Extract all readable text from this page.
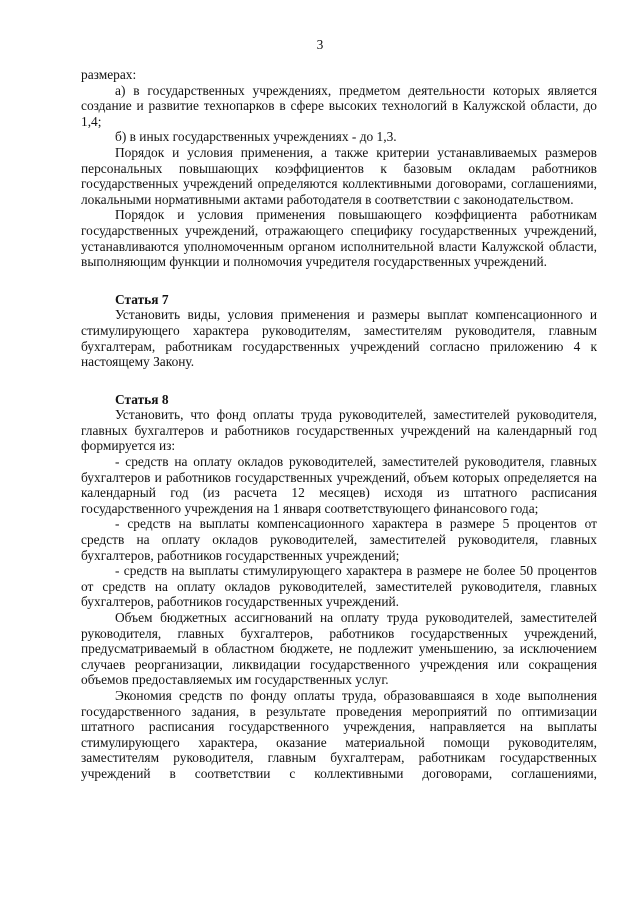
3

размерах:

а) в государственных учреждениях, предметом деятельности которых является создание и развитие технопарков в сфере высоких технологий в Калужской области, до 1,4;

б) в иных государственных учреждениях - до 1,3.

Порядок и условия применения, а также критерии устанавливаемых размеров персональных повышающих коэффициентов к базовым окладам работников государственных учреждений определяются коллективными договорами, соглашениями, локальными нормативными актами работодателя в соответствии с законодательством.

Порядок и условия применения повышающего коэффициента работникам государственных учреждений, отражающего специфику государственных учреждений, устанавливаются уполномоченным органом исполнительной власти Калужской области, выполняющим функции и полномочия учредителя государственных учреждений.

Статья 7

Установить виды, условия применения и размеры выплат компенсационного и стимулирующего характера руководителям, заместителям руководителя, главным бухгалтерам, работникам государственных учреждений согласно приложению 4 к настоящему Закону.

Статья 8

Установить, что фонд оплаты труда руководителей, заместителей руководителя, главных бухгалтеров и работников государственных учреждений на календарный год формируется из:

- средств на оплату окладов руководителей, заместителей руководителя, главных бухгалтеров и работников государственных учреждений, объем которых определяется на календарный год (из расчета 12 месяцев) исходя из штатного расписания государственного учреждения на 1 января соответствующего финансового года;

- средств на выплаты компенсационного характера в размере 5 процентов от средств на оплату окладов руководителей, заместителей руководителя, главных бухгалтеров, работников государственных учреждений;

- средств на выплаты стимулирующего характера в размере не более 50 процентов от средств на оплату окладов руководителей, заместителей руководителя, главных бухгалтеров, работников государственных учреждений.

Объем бюджетных ассигнований на оплату труда руководителей, заместителей руководителя, главных бухгалтеров, работников государственных учреждений, предусматриваемый в областном бюджете, не подлежит уменьшению, за исключением случаев реорганизации, ликвидации государственного учреждения или сокращения объемов предоставляемых им государственных услуг.

Экономия средств по фонду оплаты труда, образовавшаяся в ходе выполнения государственного задания, в результате проведения мероприятий по оптимизации штатного расписания государственного учреждения, направляется на выплаты стимулирующего характера, оказание материальной помощи руководителям, заместителям руководителя, главным бухгалтерам, работникам государственных учреждений в соответствии с коллективными договорами, соглашениями,
